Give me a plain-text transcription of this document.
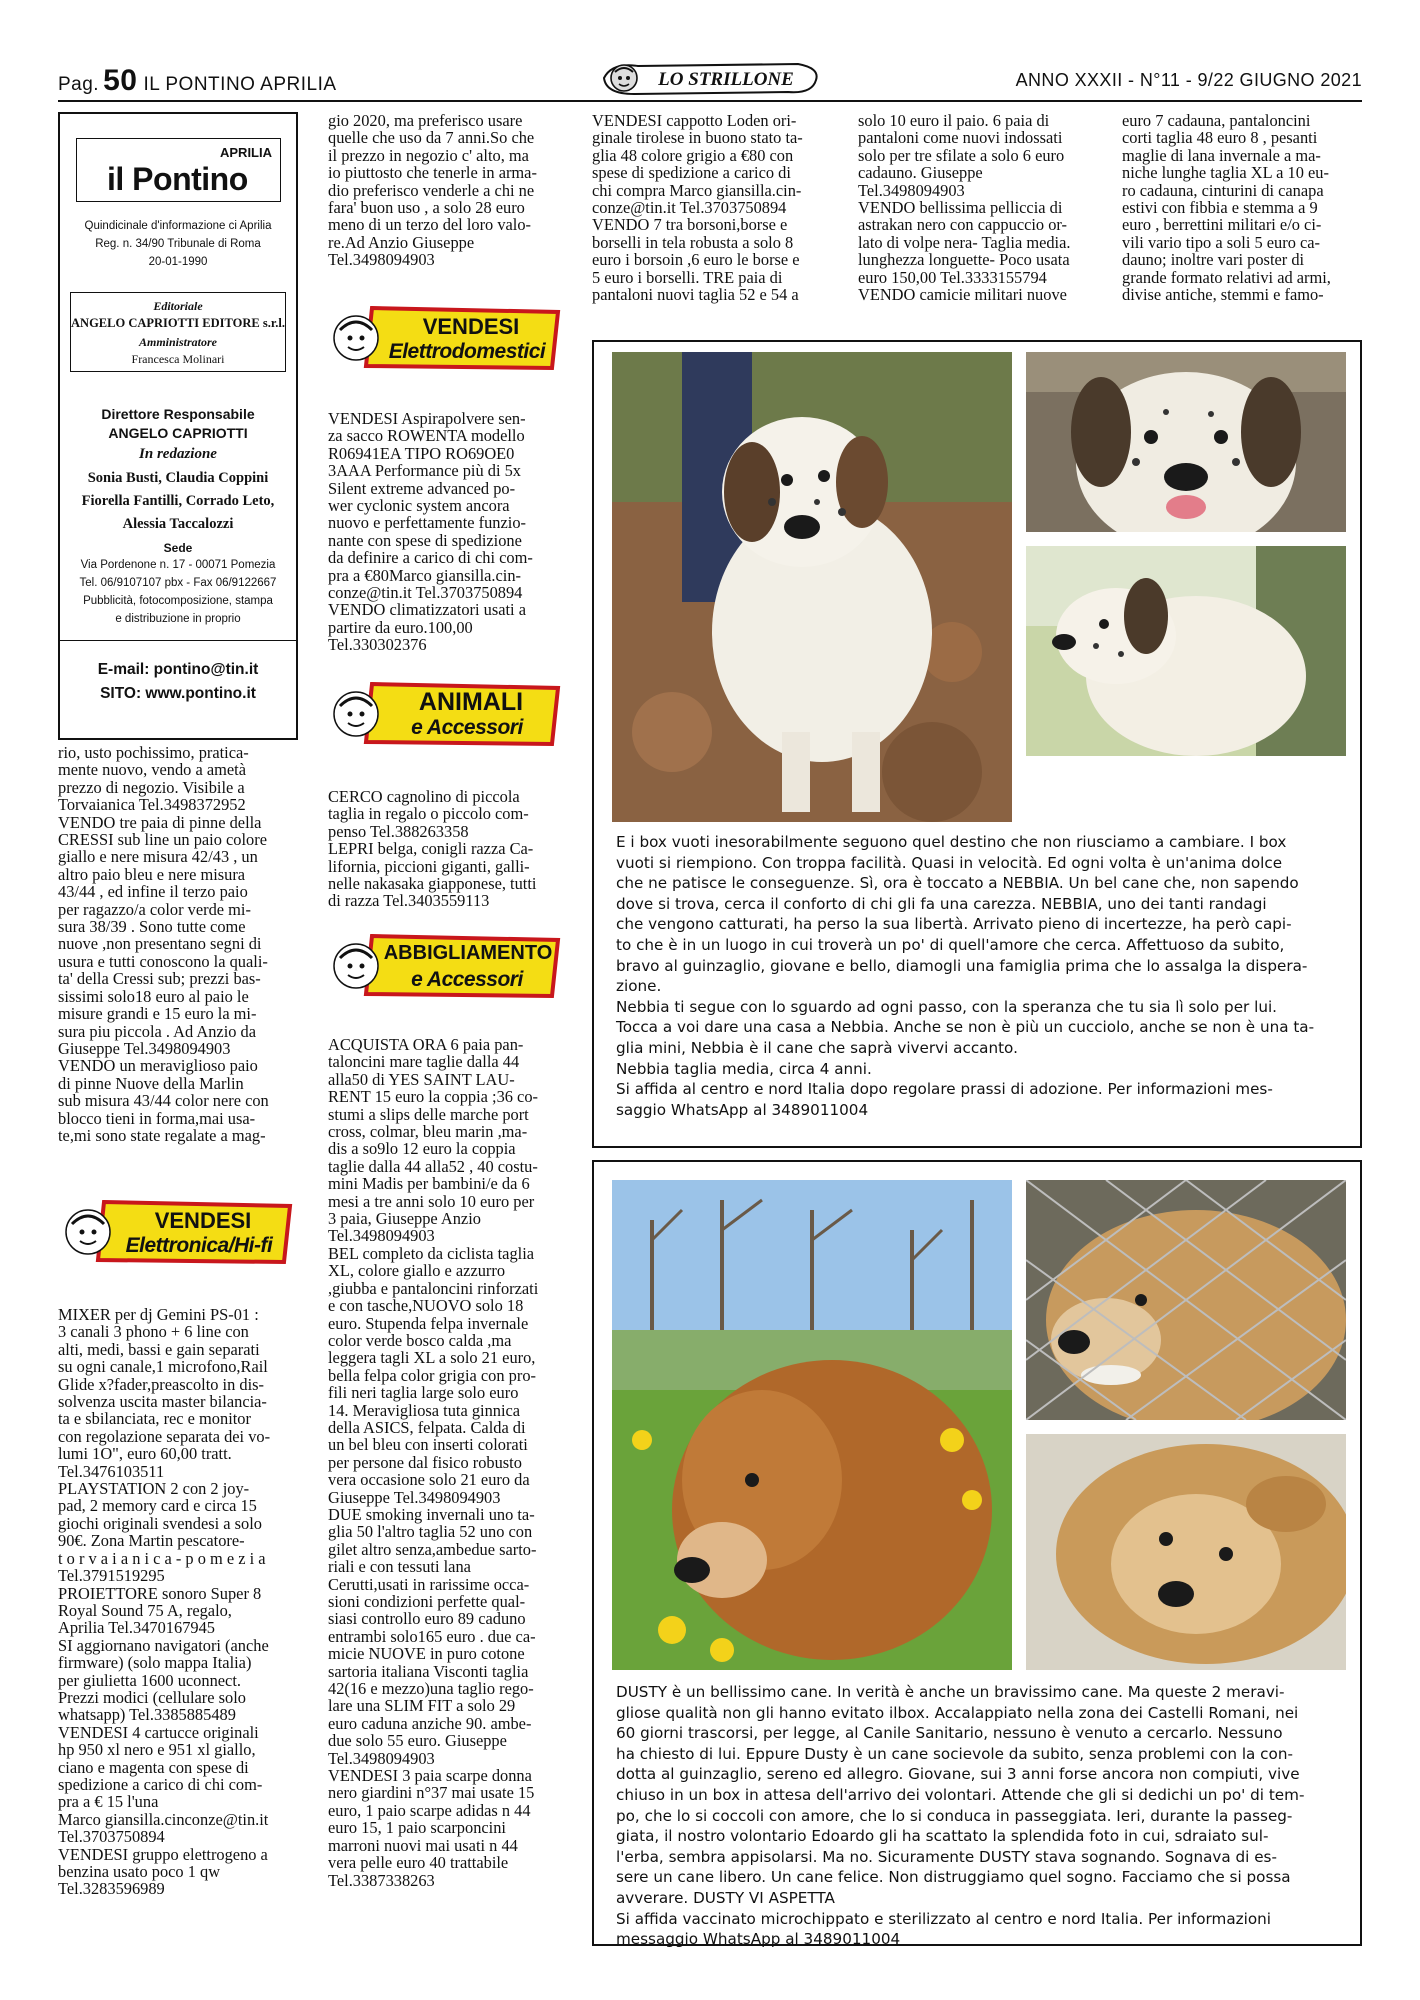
Pag. 50 IL PONTINO APRILIA	LO STRILLONE	ANNO XXXII - N°11 - 9/22 GIUGNO 2021
APRILIA
il Pontino
Quindicinale d'informazione ci Aprilia
Reg. n. 34/90 Tribunale di Roma
20-01-1990
Editoriale
ANGELO CAPRIOTTI EDITORE s.r.l.
Amministratore
Francesca Molinari
Direttore Responsabile
ANGELO CAPRIOTTI
In redazione
Sonia Busti, Claudia Coppini
Fiorella Fantilli, Corrado Leto,
Alessia Taccalozzi
Sede
Via Pordenone n. 17 - 00071 Pomezia
Tel. 06/9107107 pbx - Fax 06/9122667
Pubblicità, fotocomposizione, stampa
e distribuzione in proprio
E-mail: pontino@tin.it
SITO: www.pontino.it
rio, usto pochissimo, pratica-
mente nuovo, vendo a ametà
prezzo di negozio. Visibile a
Torvaianica Tel.3498372952
VENDO tre paia di pinne della
CRESSI sub line un paio colore
giallo e nere misura 42/43 , un
altro paio bleu e nere misura
43/44 , ed infine il terzo paio
per ragazzo/a color verde mi-
sura 38/39 . Sono tutte come
nuove ,non presentano segni di
usura e tutti conoscono la quali-
ta' della Cressi sub; prezzi bas-
sissimi solo18 euro al paio le
misure grandi e 15 euro la mi-
sura piu piccola . Ad Anzio da
Giuseppe Tel.3498094903
VENDO un meraviglioso paio
di pinne Nuove della Marlin
sub misura 43/44 color nere con
blocco tieni in forma,mai usa-
te,mi sono state regalate a mag-
VENDESI
Elettronica/Hi-fi
MIXER per dj Gemini PS-01 :
3 canali 3 phono + 6 line con
alti, medi, bassi e gain separati
su ogni canale,1 microfono,Rail
Glide x?fader,preascolto in dis-
solvenza uscita master bilancia-
ta e sbilanciata, rec e monitor
con regolazione separata dei vo-
lumi 1O", euro 60,00 tratt.
Tel.3476103511
PLAYSTATION 2 con 2 joy-
pad, 2 memory card e circa 15
giochi originali svendesi a solo
90€. Zona Martin pescatore-
t o r v a i a n i c a - p o m e z i a
Tel.3791519295
PROIETTORE sonoro Super 8
Royal Sound 75 A, regalo,
Aprilia Tel.3470167945
SI aggiornano navigatori (anche
firmware) (solo mappa Italia)
per giulietta 1600 uconnect.
Prezzi modici (cellulare solo
whatsapp) Tel.3385885489
VENDESI 4 cartucce originali
hp 950 xl nero e 951 xl giallo,
ciano e magenta con spese di
spedizione a carico di chi com-
pra a € 15 l'una
Marco giansilla.cinconze@tin.it
Tel.3703750894
VENDESI gruppo elettrogeno a
benzina usato poco 1 qw
Tel.3283596989
gio 2020, ma preferisco usare
quelle che uso da 7 anni.So che
il prezzo in negozio c' alto, ma
io piuttosto che tenerle in arma-
dio preferisco venderle a chi ne
fara' buon uso , a solo 28 euro
meno di un terzo del loro valo-
re.Ad Anzio Giuseppe
Tel.3498094903
VENDESI
Elettrodomestici
VENDESI Aspirapolvere sen-
za sacco ROWENTA modello
R06941EA TIPO RO69OE0
3AAA Performance più di 5x
Silent extreme advanced po-
wer cyclonic system ancora
nuovo e perfettamente funzio-
nante con spese di spedizione
da definire a carico di chi com-
pra a €80Marco giansilla.cin-
conze@tin.it Tel.3703750894
VENDO climatizzatori usati a
partire da euro.100,00
Tel.330302376
ANIMALI
e Accessori
CERCO cagnolino di piccola
taglia in regalo o piccolo com-
penso Tel.388263358
LEPRI belga, conigli razza Ca-
lifornia, piccioni giganti, galli-
nelle nakasaka giapponese, tutti
di razza Tel.3403559113
ABBIGLIAMENTO
e Accessori
ACQUISTA ORA 6 paia pan-
taloncini mare taglie dalla 44
alla50 di YES SAINT LAU-
RENT 15 euro la coppia ;36 co-
stumi a slips delle marche port
cross, colmar, bleu marin ,ma-
dis a so9lo 12 euro la coppia
taglie dalla 44 alla52 , 40 costu-
mini Madis per bambini/e da 6
mesi a tre anni solo 10 euro per
3 paia, Giuseppe Anzio
Tel.3498094903
BEL completo da ciclista taglia
XL, colore giallo e azzurro
,giubba e pantaloncini rinforzati
e con tasche,NUOVO solo 18
euro. Stupenda felpa invernale
color verde bosco calda ,ma
leggera tagli XL a solo 21 euro,
bella felpa color grigia con pro-
fili neri taglia large solo euro
14. Meravigliosa tuta ginnica
della ASICS, felpata. Calda di
un bel bleu con inserti colorati
per persone dal fisico robusto
vera occasione solo 21 euro da
Giuseppe Tel.3498094903
DUE smoking invernali uno ta-
glia 50 l'altro taglia 52 uno con
gilet altro senza,ambedue sarto-
riali e con tessuti lana
Cerutti,usati in rarissime occa-
sioni condizioni perfette qual-
siasi controllo euro 89 caduno
entrambi solo165 euro . due ca-
micie NUOVE in puro cotone
sartoria italiana Visconti taglia
42(16 e mezzo)una taglio rego-
lare una SLIM FIT a solo 29
euro caduna anziche 90. ambe-
due solo 55 euro. Giuseppe
Tel.3498094903
VENDESI 3 paia scarpe donna
nero giardini n°37 mai usate 15
euro, 1 paio scarpe adidas n 44
euro 15, 1 paio scarponcini
marroni nuovi mai usati n 44
vera pelle euro 40 trattabile
Tel.3387338263
VENDESI cappotto Loden ori-
ginale tirolese in buono stato ta-
glia 48 colore grigio a €80 con
spese di spedizione a carico di
chi compra Marco giansilla.cin-
conze@tin.it Tel.3703750894
VENDO 7 tra borsoni,borse e
borselli in tela robusta a solo 8
euro i borsoin ,6 euro le borse e
5 euro i borselli. TRE paia di
pantaloni nuovi taglia 52 e 54 a
solo 10 euro il paio. 6 paia di
pantaloni come nuovi indossati
solo per tre sfilate a solo 6 euro
cadauno. Giuseppe
Tel.3498094903
VENDO bellissima pelliccia di
astrakan nero con cappuccio or-
lato di volpe nera- Taglia media.
lunghezza longuette- Poco usata
euro 150,00 Tel.3333155794
VENDO camicie militari nuove
euro 7 cadauna, pantaloncini
corti taglia 48 euro 8 , pesanti
maglie di lana invernale a ma-
niche lunghe taglia XL a 10 eu-
ro cadauna, cinturini di canapa
estivi con fibbia e stemma a 9
euro , berrettini militari e/o ci-
vili vario tipo a soli 5 euro ca-
dauno; inoltre vari poster di
grande formato relativi ad armi,
divise antiche, stemmi e famo-
E i box vuoti inesorabilmente seguono quel destino che non riusciamo a cambiare. I box
vuoti si riempiono. Con troppa facilità. Quasi in velocità. Ed ogni volta è un'anima dolce
che ne patisce le conseguenze. Sì, ora è toccato a NEBBIA. Un bel cane che, non sapendo
dove si trova, cerca il conforto di chi gli fa una carezza. NEBBIA, uno dei tanti randagi
che vengono catturati, ha perso la sua libertà. Arrivato pieno di incertezze, ha però capi-
to che è in un luogo in cui troverà un po' di quell'amore che cerca. Affettuoso da subito,
bravo al guinzaglio, giovane e bello, diamogli una famiglia prima che lo assalga la dispera-
zione.
Nebbia ti segue con lo sguardo ad ogni passo, con la speranza che tu sia lì solo per lui.
Tocca a voi dare una casa a Nebbia. Anche se non è più un cucciolo, anche se non è una ta-
glia mini, Nebbia è il cane che saprà vivervi accanto.
Nebbia taglia media, circa 4 anni.
Si affida al centro e nord Italia dopo regolare prassi di adozione. Per informazioni mes-
saggio WhatsApp al 3489011004
DUSTY è un bellissimo cane. In verità è anche un bravissimo cane. Ma queste 2 meravi-
gliose qualità non gli hanno evitato ilbox. Accalappiato nella zona dei Castelli Romani, nei
60 giorni trascorsi, per legge, al Canile Sanitario, nessuno è venuto a cercarlo. Nessuno
ha chiesto di lui. Eppure Dusty è un cane socievole da subito, senza problemi con la con-
dotta al guinzaglio, sereno ed allegro. Giovane, sui 3 anni forse ancora non compiuti, vive
chiuso in un box in attesa dell'arrivo dei volontari. Attende che gli si dedichi un po' di tem-
po, che lo si coccoli con amore, che lo si conduca in passeggiata. Ieri, durante la passeg-
giata, il nostro volontario Edoardo gli ha scattato la splendida foto in cui, sdraiato sul-
l'erba, sembra appisolarsi. Ma no. Sicuramente DUSTY stava sognando. Sognava di es-
sere un cane libero. Un cane felice. Non distruggiamo quel sogno. Facciamo che si possa
avverare. DUSTY VI ASPETTA
Si affida vaccinato microchippato e sterilizzato al centro e nord Italia. Per informazioni
messaggio WhatsApp al 3489011004
